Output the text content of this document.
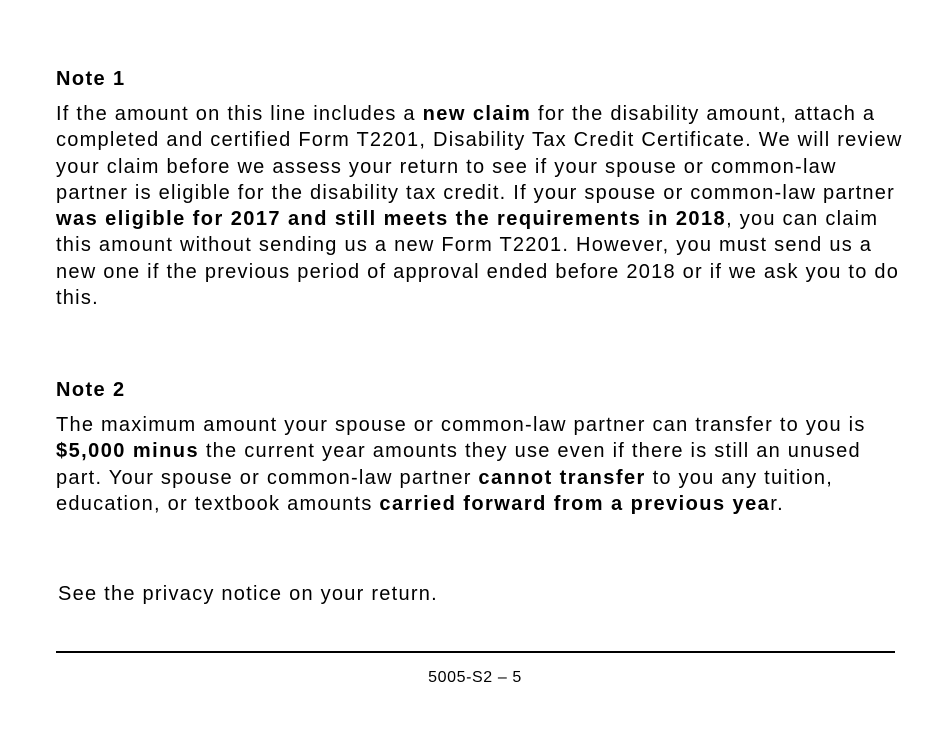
Note 1

If the amount on this line includes a new claim for the disability amount, attach a completed and certified Form T2201, Disability Tax Credit Certificate. We will review your claim before we assess your return to see if your spouse or common-law partner is eligible for the disability tax credit. If your spouse or common-law partner was eligible for 2017 and still meets the requirements in 2018, you can claim this amount without sending us a new Form T2201. However, you must send us a new one if the previous period of approval ended before 2018 or if we ask you to do this.

Note 2

The maximum amount your spouse or common-law partner can transfer to you is $5,000 minus the current year amounts they use even if there is still an unused part. Your spouse or common-law partner cannot transfer to you any tuition, education, or textbook amounts carried forward from a previous year.

See the privacy notice on your return.

5005-S2 – 5
